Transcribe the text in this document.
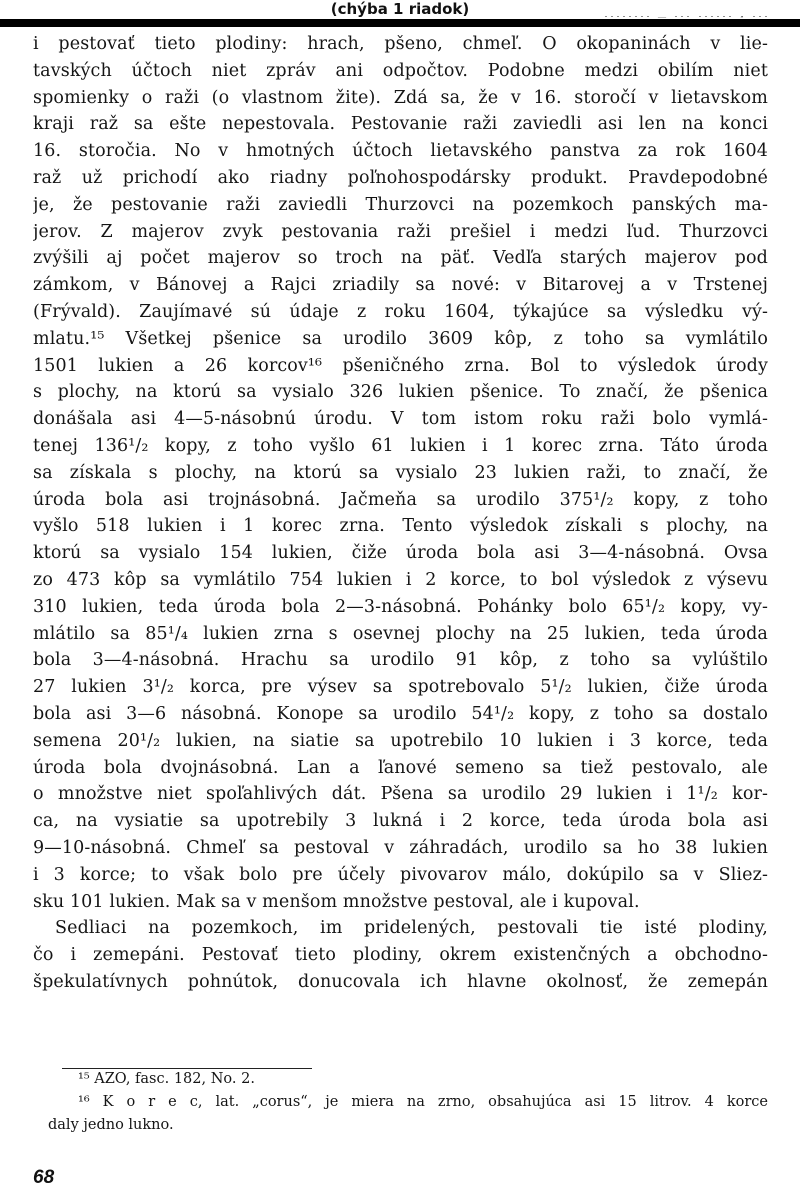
(chýba 1 riadok)	........ _ ... ...... , ...
i pestovať tieto plodiny: hrach, pšeno, chmeľ. O okopaninách v lie-
tavských účtoch niet zpráv ani odpočtov. Podobne medzi obilím niet
spomienky o raži (o vlastnom žite). Zdá sa, že v 16. storočí v lietavskom
kraji raž sa ešte nepestovala. Pestovanie raži zaviedli asi len na konci
16. storočia. No v hmotných účtoch lietavského panstva za rok 1604
raž už prichodí ako riadny poľnohospodársky produkt. Pravdepodobné
je, že pestovanie raži zaviedli Thurzovci na pozemkoch panských ma-
jerov. Z majerov zvyk pestovania raži prešiel i medzi ľud. Thurzovci
zvýšili aj počet majerov so troch na päť. Vedľa starých majerov pod
zámkom, v Bánovej a Rajci zriadily sa nové: v Bitarovej a v Trstenej
(Frývald). Zaujímavé sú údaje z roku 1604, týkajúce sa výsledku vý-
mlatu.¹⁵ Všetkej pšenice sa urodilo 3609 kôp, z toho sa vymlátilo
1501 lukien a 26 korcov¹⁶ pšeničného zrna. Bol to výsledok úrody
s plochy, na ktorú sa vysialo 326 lukien pšenice. To značí, že pšenica
donášala asi 4—5-násobnú úrodu. V tom istom roku raži bolo vymlá-
tenej 136¹/₂ kopy, z toho vyšlo 61 lukien i 1 korec zrna. Táto úroda
sa získala s plochy, na ktorú sa vysialo 23 lukien raži, to značí, že
úroda bola asi trojnásobná. Jačmeňa sa urodilo 375¹/₂ kopy, z toho
vyšlo 518 lukien i 1 korec zrna. Tento výsledok získali s plochy, na
ktorú sa vysialo 154 lukien, čiže úroda bola asi 3—4-násobná. Ovsa
zo 473 kôp sa vymlátilo 754 lukien i 2 korce, to bol výsledok z výsevu
310 lukien, teda úroda bola 2—3-násobná. Pohánky bolo 65¹/₂ kopy, vy-
mlátilo sa 85¹/₄ lukien zrna s osevnej plochy na 25 lukien, teda úroda
bola 3—4-násobná. Hrachu sa urodilo 91 kôp, z toho sa vylúštilo
27 lukien 3¹/₂ korca, pre výsev sa spotrebovalo 5¹/₂ lukien, čiže úroda
bola asi 3—6 násobná. Konope sa urodilo 54¹/₂ kopy, z toho sa dostalo
semena 20¹/₂ lukien, na siatie sa upotrebilo 10 lukien i 3 korce, teda
úroda bola dvojnásobná. Lan a ľanové semeno sa tiež pestovalo, ale
o množstve niet spoľahlivých dát. Pšena sa urodilo 29 lukien i 1¹/₂ kor-
ca, na vysiatie sa upotrebily 3 lukná i 2 korce, teda úroda bola asi
9—10-násobná. Chmeľ sa pestoval v záhradách, urodilo sa ho 38 lukien
i 3 korce; to však bolo pre účely pivovarov málo, dokúpilo sa v Sliez-
sku 101 lukien. Mak sa v menšom množstve pestoval, ale i kupoval.
Sedliaci na pozemkoch, im pridelených, pestovali tie isté plodiny,
čo i zemepáni. Pestovať tieto plodiny, okrem existenčných a obchodno-
špekulatívnych pohnútok, donucovala ich hlavne okolnosť, že zemepán
¹⁵ AZO, fasc. 182, No. 2.
¹⁶ K o r e c, lat. „corus“, je miera na zrno, obsahujúca asi 15 litrov. 4 korce
daly jedno lukno.
68
